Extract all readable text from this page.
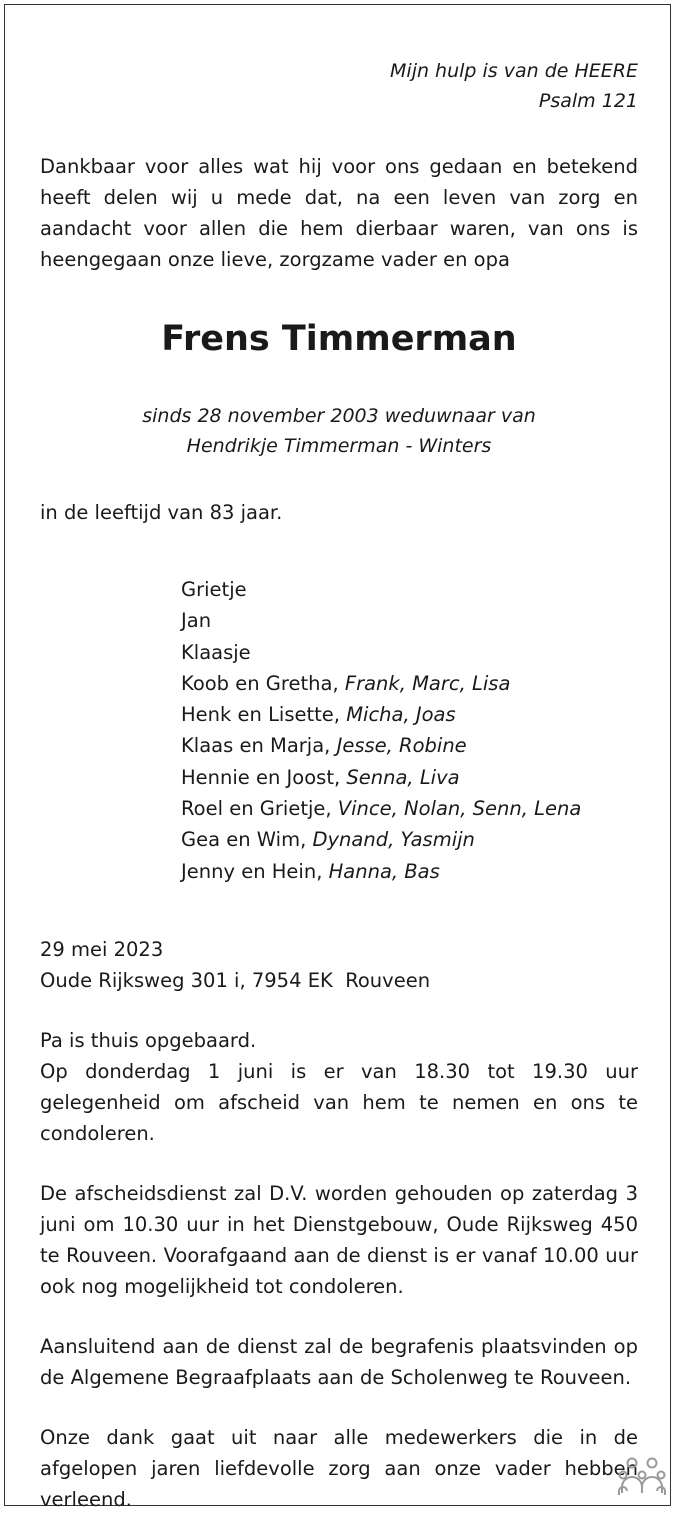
Mijn hulp is van de HEERE

Psalm 121

Dankbaar voor alles wat hij voor ons gedaan en betekend heeft delen wij u mede dat, na een leven van zorg en aandacht voor allen die hem dierbaar waren, van ons is heengegaan onze lieve, zorgzame vader en opa

Frens Timmerman
sinds 28 november 2003 weduwnaar van
Hendrikje Timmerman - Winters

in de leeftijd van 83 jaar.

Grietje
Jan
Klaasje
Koob en Gretha, Frank, Marc, Lisa
Henk en Lisette, Micha, Joas
Klaas en Marja, Jesse, Robine
Hennie en Joost, Senna, Liva
Roel en Grietje, Vince, Nolan, Senn, Lena
Gea en Wim, Dynand, Yasmijn
Jenny en Hein, Hanna, Bas
29 mei 2023
Oude Rijksweg 301 i, 7954 EK  Rouveen
Pa is thuis opgebaard.
Op donderdag 1 juni is er van 18.30 tot 19.30 uur gelegenheid om afscheid van hem te nemen en ons te condoleren.

De afscheidsdienst zal D.V. worden gehouden op zaterdag 3 juni om 10.30 uur in het Dienstgebouw, Oude Rijksweg 450 te Rouveen. Voorafgaand aan de dienst is er vanaf 10.00 uur ook nog mogelijkheid tot condoleren.

Aansluitend aan de dienst zal de begrafenis plaatsvinden op de Algemene Begraafplaats aan de Scholenweg te Rouveen.

Onze dank gaat uit naar alle medewerkers die in de afgelopen jaren liefdevolle zorg aan onze vader hebben verleend.
